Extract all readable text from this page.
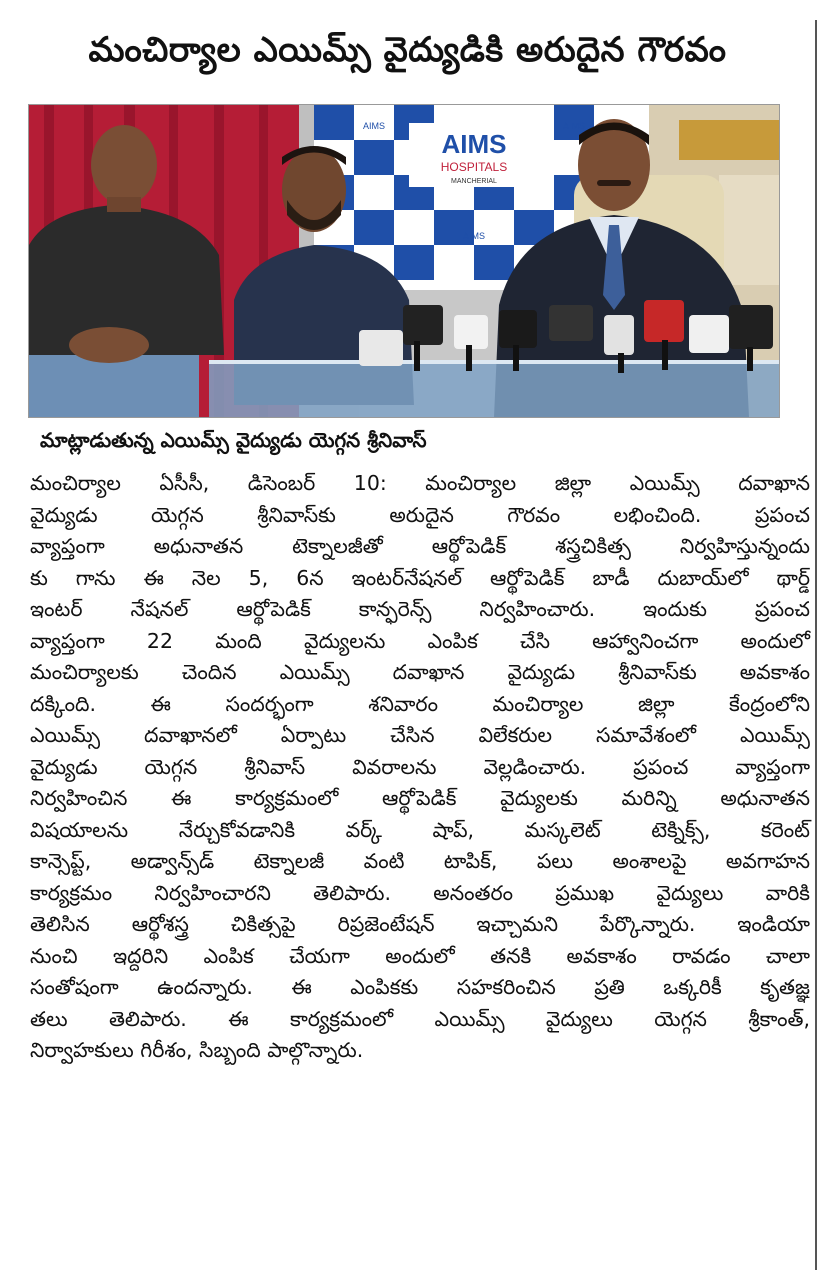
మంచిర్యాల ఎయిమ్స్ వైద్యుడికి అరుదైన గౌరవం
AIMS
HOSPITALS
MANCHERIAL
AIMS	AIMS
AIMS
మాట్లాడుతున్న ఎయిమ్స్ వైద్యుడు యెగ్గన శ్రీనివాస్
మంచిర్యాల ఏసీసీ, డిసెంబర్ 10: మంచిర్యాల జిల్లా ఎయిమ్స్ దవాఖాన
వైద్యుడు యెగ్గన శ్రీనివాస్‌కు అరుదైన గౌరవం లభించింది. ప్రపంచ
వ్యాప్తంగా అధునాతన టెక్నాలజీతో ఆర్థోపెడిక్ శస్త్రచికిత్స నిర్వహిస్తున్నందు
కు గాను ఈ నెల 5, 6న ఇంటర్‌నేషనల్ ఆర్థోపెడిక్ బాడీ దుబాయ్‌లో థార్డ్
ఇంటర్ నేషనల్ ఆర్థోపెడిక్ కాన్ఫరెన్స్ నిర్వహించారు. ఇందుకు ప్రపంచ
వ్యాప్తంగా 22 మంది వైద్యులను ఎంపిక చేసి ఆహ్వానించగా అందులో
మంచిర్యాలకు చెందిన ఎయిమ్స్ దవాఖాన వైద్యుడు శ్రీనివాస్‌కు అవకాశం
దక్కింది. ఈ సందర్భంగా శనివారం మంచిర్యాల జిల్లా కేంద్రంలోని
ఎయిమ్స్ దవాఖానలో ఏర్పాటు చేసిన విలేకరుల సమావేశంలో ఎయిమ్స్
వైద్యుడు యెగ్గన శ్రీనివాస్ వివరాలను వెల్లడించారు. ప్రపంచ వ్యాప్తంగా
నిర్వహించిన ఈ కార్యక్రమంలో ఆర్థోపెడిక్ వైద్యులకు మరిన్ని అధునాతన
విషయాలను నేర్చుకోవడానికి వర్క్ షాప్, మస్కలెట్ టెక్నిక్స్, కరెంట్
కాన్సెప్ట్, అడ్వాన్స్‌డ్ టెక్నాలజీ వంటి టాపిక్, పలు అంశాలపై అవగాహన
కార్యక్రమం నిర్వహించారని తెలిపారు. అనంతరం ప్రముఖ వైద్యులు వారికి
తెలిసిన ఆర్థోశస్త్ర చికిత్సపై రిప్రజెంటేషన్ ఇచ్చామని పేర్కొన్నారు. ఇండియా
నుంచి ఇద్దరిని ఎంపిక చేయగా అందులో తనకి అవకాశం రావడం చాలా
సంతోషంగా ఉందన్నారు. ఈ ఎంపికకు సహకరించిన ప్రతి ఒక్కరికీ కృతజ్ఞ
తలు తెలిపారు. ఈ కార్యక్రమంలో ఎయిమ్స్ వైద్యులు యెగ్గన శ్రీకాంత్,
నిర్వాహకులు గిరీశం, సిబ్బంది పాల్గొన్నారు.
